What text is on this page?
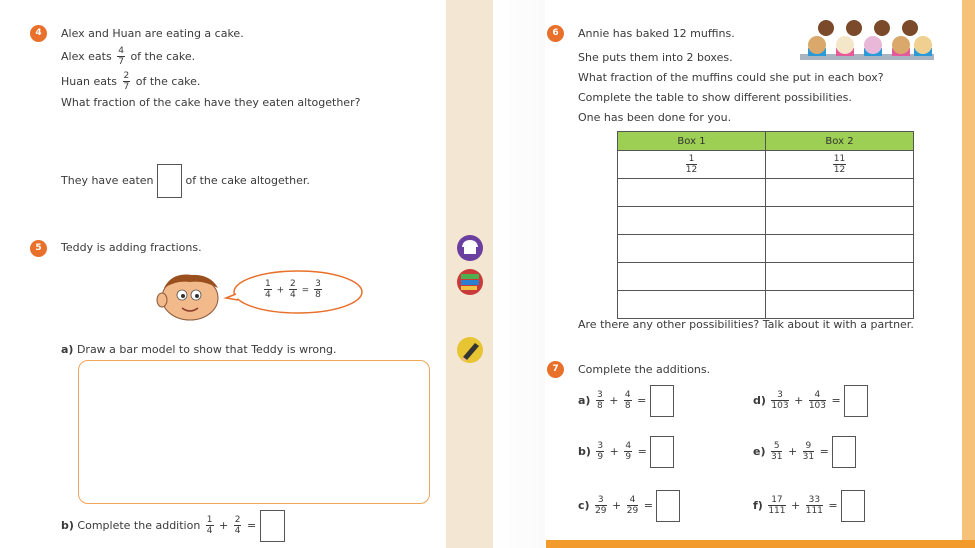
4	Alex and Huan are eating a cake.
Alex eats $\frac{4}{7}$ of the cake.
Huan eats $\frac{2}{7}$ of the cake.
What fraction of the cake have they eaten altogether?
They have eaten	of the cake altogether.
5	Teddy is adding fractions.
$\frac{1}{4} + \frac{2}{4} = \frac{3}{8}$
a) Draw a bar model to show that Teddy is wrong.
b) Complete the addition $\frac{1}{4} + \frac{2}{4}$ =
6	Annie has baked 12 muffins.
She puts them into 2 boxes.
What fraction of the muffins could she put in each box?
Complete the table to show different possibilities.
One has been done for you.
Box 1	Box 2

$\frac{1}{12}$	$\frac{11}{12}$

Are there any other possibilities? Talk about it with a partner.
7	Complete the additions.
$a) \frac{3}{8} + \frac{4}{8}$ =
$b) \frac{3}{9} + \frac{4}{9}$ =
$c) \frac{3}{29} + \frac{4}{29}$ =
$d) \frac{3}{103} + \frac{4}{103}$ =
$e) \frac{5}{31} + \frac{9}{31}$ =
$f) \frac{17}{111} + \frac{33}{111}$ =
